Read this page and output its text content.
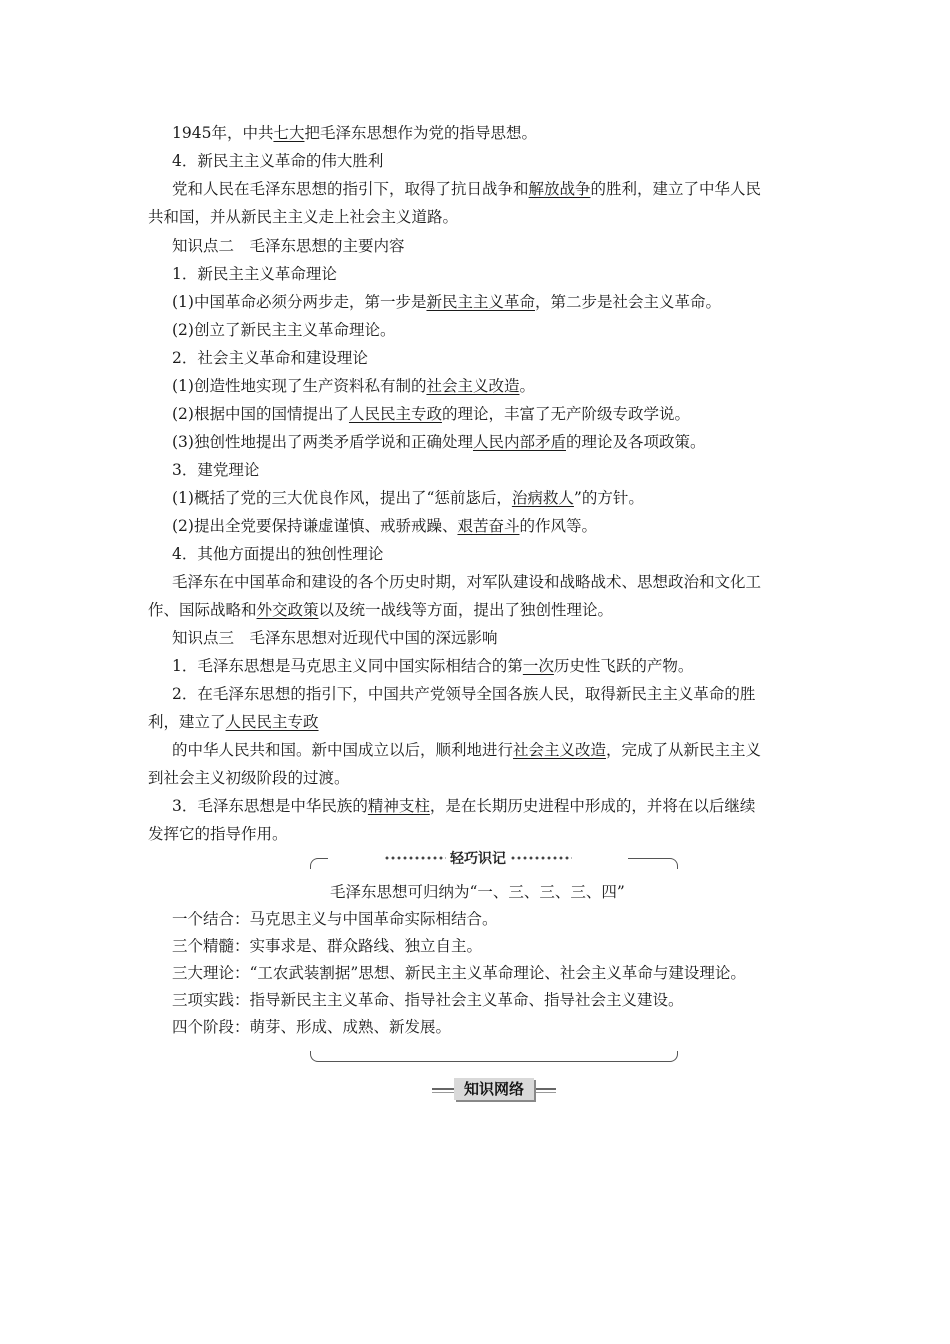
1945年，中共七大把毛泽东思想作为党的指导思想。
4．新民主主义革命的伟大胜利
党和人民在毛泽东思想的指引下，取得了抗日战争和解放战争的胜利，建立了中华人民
共和国，并从新民主主义走上社会主义道路。
知识点二　毛泽东思想的主要内容
1．新民主主义革命理论
(1)中国革命必须分两步走，第一步是新民主主义革命，第二步是社会主义革命。
(2)创立了新民主主义革命理论。
2．社会主义革命和建设理论
(1)创造性地实现了生产资料私有制的社会主义改造。
(2)根据中国的国情提出了人民民主专政的理论，丰富了无产阶级专政学说。
(3)独创性地提出了两类矛盾学说和正确处理人民内部矛盾的理论及各项政策。
3．建党理论
(1)概括了党的三大优良作风，提出了“惩前毖后，治病救人”的方针。
(2)提出全党要保持谦虚谨慎、戒骄戒躁、艰苦奋斗的作风等。
4．其他方面提出的独创性理论
毛泽东在中国革命和建设的各个历史时期，对军队建设和战略战术、思想政治和文化工
作、国际战略和外交政策以及统一战线等方面，提出了独创性理论。
知识点三　毛泽东思想对近现代中国的深远影响
1．毛泽东思想是马克思主义同中国实际相结合的第一次历史性飞跃的产物。
2．在毛泽东思想的指引下，中国共产党领导全国各族人民，取得新民主主义革命的胜
利，建立了人民民主专政
的中华人民共和国。新中国成立以后，顺利地进行社会主义改造，完成了从新民主主义
到社会主义初级阶段的过渡。
3．毛泽东思想是中华民族的精神支柱，是在长期历史进程中形成的，并将在以后继续
发挥它的指导作用。
轻巧识记
毛泽东思想可归纳为“一、三、三、三、四”
一个结合：马克思主义与中国革命实际相结合。
三个精髓：实事求是、群众路线、独立自主。
三大理论：“工农武装割据”思想、新民主主义革命理论、社会主义革命与建设理论。
三项实践：指导新民主主义革命、指导社会主义革命、指导社会主义建设。
四个阶段：萌芽、形成、成熟、新发展。
知识网络
